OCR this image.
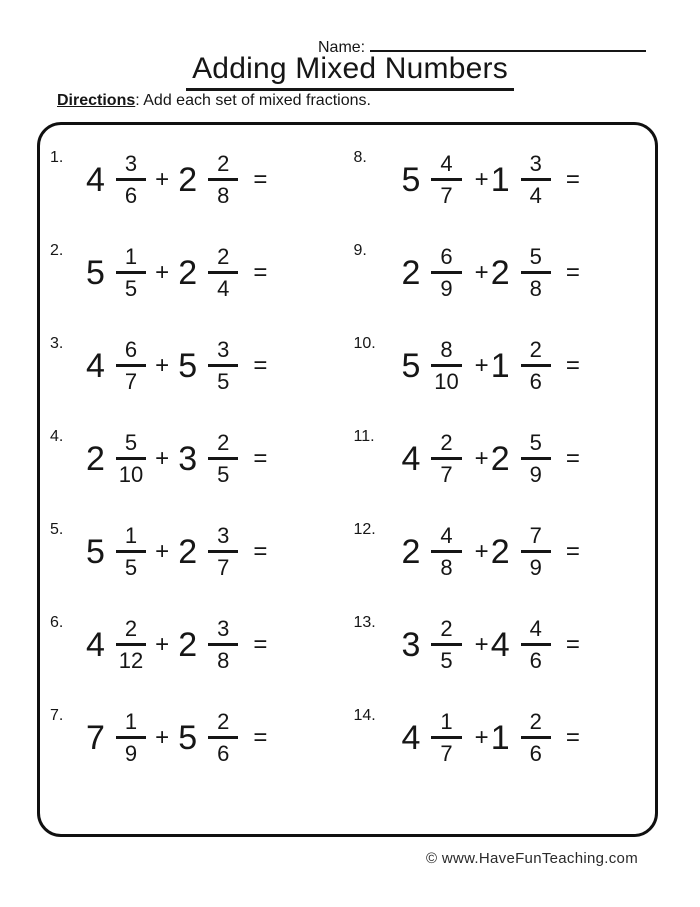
Name:
Adding Mixed Numbers
Directions: Add each set of mixed fractions.
1.
$4 \frac{3}{6} + 2 \frac{2}{8}$ =
2.
$5 \frac{1}{5} + 2 \frac{2}{4}$ =
3.
$4 \frac{6}{7} + 5 \frac{3}{5}$ =
4.
$2 \frac{5}{10} + 3 \frac{2}{5}$ =
5.
$5 \frac{1}{5} + 2 \frac{3}{7}$ =
6.
$4 \frac{2}{12} + 2 \frac{3}{8}$ =
7.
$7 \frac{1}{9} + 5 \frac{2}{6}$ =
8.
$5 \frac{4}{7} + 1 \frac{3}{4}$ =
9.
$2 \frac{6}{9} + 2 \frac{5}{8}$ =
10.
$5 \frac{8}{10} + 1 \frac{2}{6}$ =
11.
$4 \frac{2}{7} + 2 \frac{5}{9}$ =
12.
$2 \frac{4}{8} + 2 \frac{7}{9}$ =
13.
$3 \frac{2}{5} + 4 \frac{4}{6}$ =
14.
$4 \frac{1}{7} + 1 \frac{2}{6}$ =
© www.HaveFunTeaching.com
